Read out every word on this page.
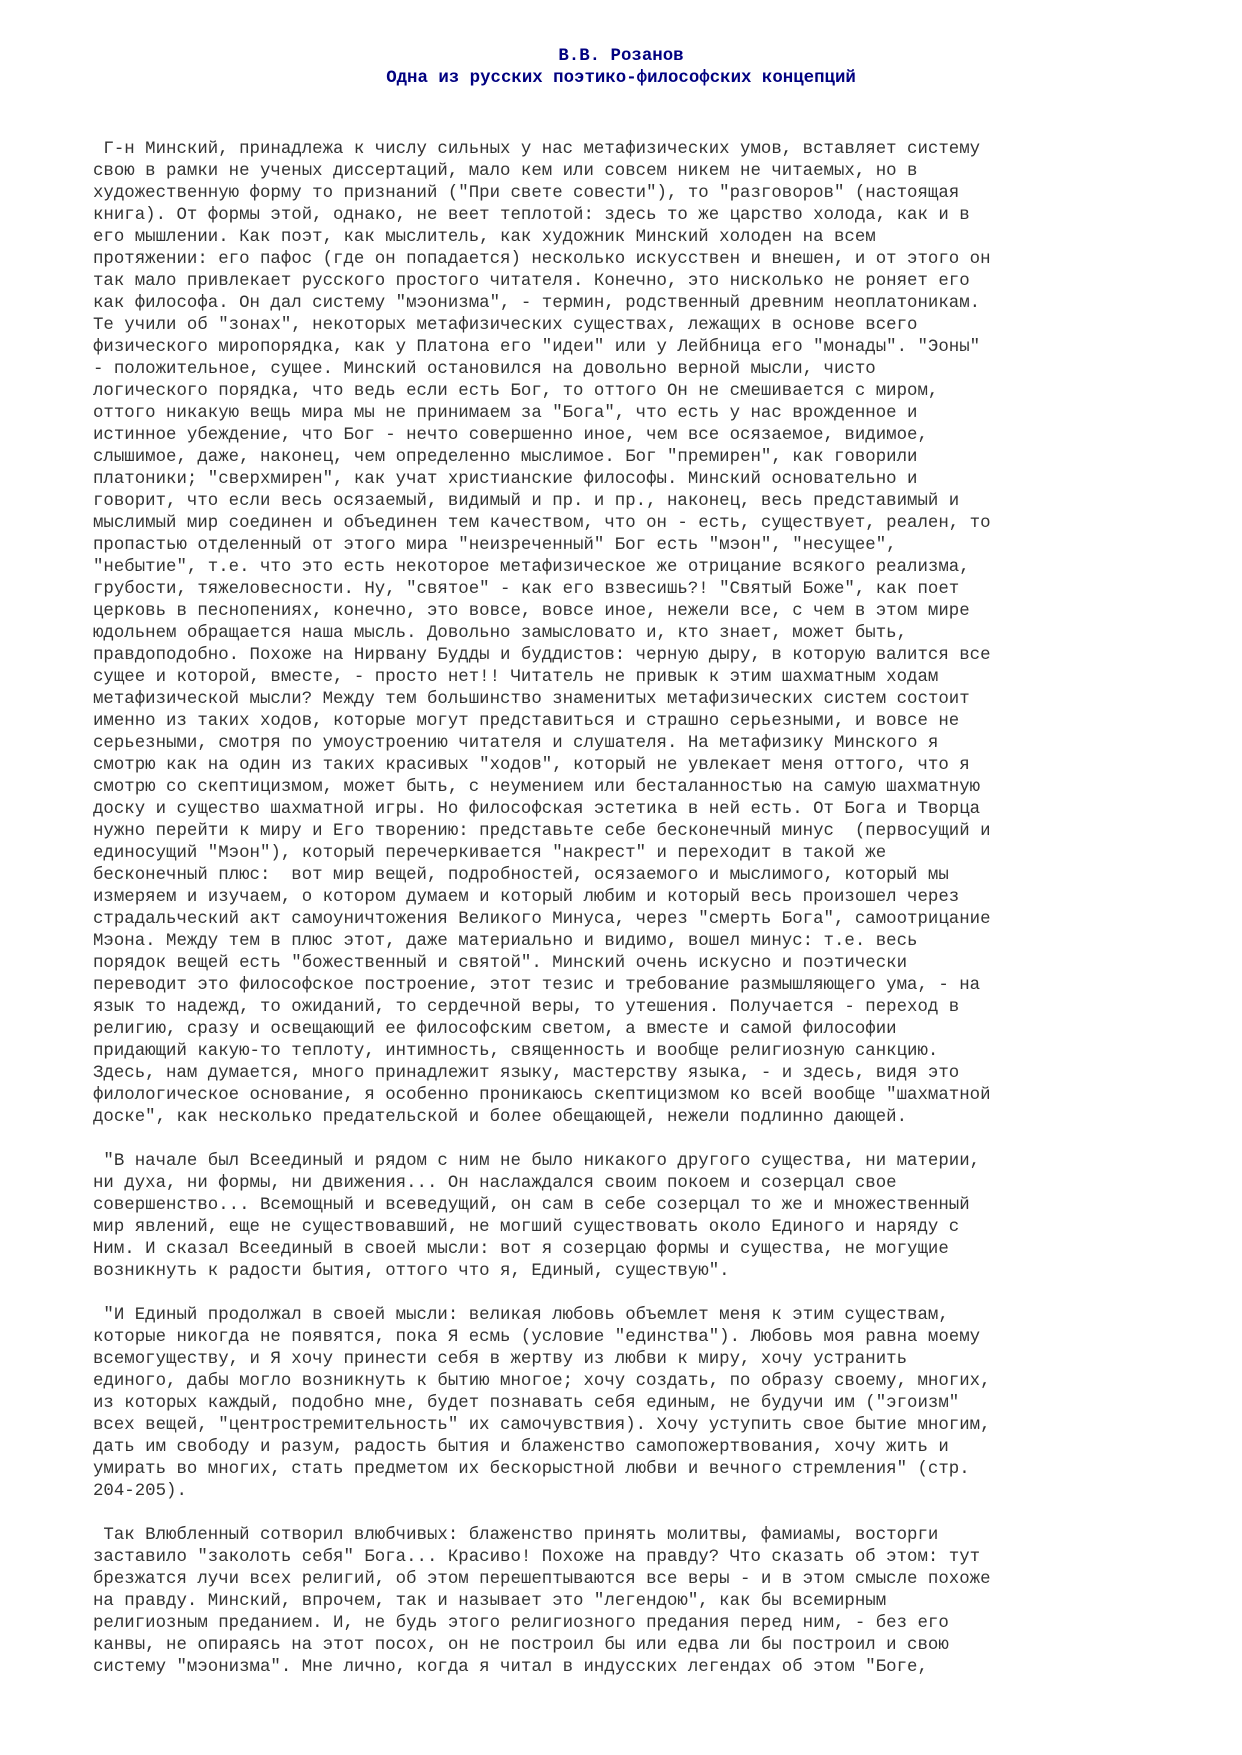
В.В. Розанов
Одна из русских поэтико-философских концепций
Г-н Минский, принадлежа к числу сильных у нас метафизических умов, вставляет систему
свою в рамки не ученых диссертаций, мало кем или совсем никем не читаемых, но в
художественную форму то признаний ("При свете совести"), то "разговоров" (настоящая
книга). От формы этой, однако, не веет теплотой: здесь то же царство холода, как и в
его мышлении. Как поэт, как мыслитель, как художник Минский холоден на всем
протяжении: его пафос (где он попадается) несколько искусствен и внешен, и от этого он
так мало привлекает русского простого читателя. Конечно, это нисколько не роняет его
как философа. Он дал систему "мэонизма", - термин, родственный древним неоплатоникам.
Те учили об "зонах", некоторых метафизических существах, лежащих в основе всего
физического миропорядка, как у Платона его "идеи" или у Лейбница его "монады". "Эоны"
- положительное, сущее. Минский остановился на довольно верной мысли, чисто
логического порядка, что ведь если есть Бог, то оттого Он не смешивается с миром,
оттого никакую вещь мира мы не принимаем за "Бога", что есть у нас врожденное и
истинное убеждение, что Бог - нечто совершенно иное, чем все осязаемое, видимое,
слышимое, даже, наконец, чем определенно мыслимое. Бог "премирен", как говорили
платоники; "сверхмирен", как учат христианские философы. Минский основательно и
говорит, что если весь осязаемый, видимый и пр. и пр., наконец, весь представимый и
мыслимый мир соединен и объединен тем качеством, что он - есть, существует, реален, то
пропастью отделенный от этого мира "неизреченный" Бог есть "мэон", "несущее",
"небытие", т.е. что это есть некоторое метафизическое же отрицание всякого реализма,
грубости, тяжеловесности. Ну, "святое" - как его взвесишь?! "Святый Боже", как поет
церковь в песнопениях, конечно, это вовсе, вовсе иное, нежели все, с чем в этом мире
юдольнем обращается наша мысль. Довольно замысловато и, кто знает, может быть,
правдоподобно. Похоже на Нирвану Будды и буддистов: черную дыру, в которую валится все
сущее и которой, вместе, - просто нет!! Читатель не привык к этим шахматным ходам
метафизической мысли? Между тем большинство знаменитых метафизических систем состоит
именно из таких ходов, которые могут представиться и страшно серьезными, и вовсе не
серьезными, смотря по умоустроению читателя и слушателя. На метафизику Минского я
смотрю как на один из таких красивых "ходов", который не увлекает меня оттого, что я
смотрю со скептицизмом, может быть, с неумением или бесталанностью на самую шахматную
доску и существо шахматной игры. Но философская эстетика в ней есть. От Бога и Творца
нужно перейти к миру и Его творению: представьте себе бесконечный минус  (первосущий и
единосущий "Мэон"), который перечеркивается "накрест" и переходит в такой же
бесконечный плюс:  вот мир вещей, подробностей, осязаемого и мыслимого, который мы
измеряем и изучаем, о котором думаем и который любим и который весь произошел через
страдальческий акт самоуничтожения Великого Минуса, через "смерть Бога", самоотрицание
Мэона. Между тем в плюс этот, даже материально и видимо, вошел минус: т.е. весь
порядок вещей есть "божественный и святой". Минский очень искусно и поэтически
переводит это философское построение, этот тезис и требование размышляющего ума, - на
язык то надежд, то ожиданий, то сердечной веры, то утешения. Получается - переход в
религию, сразу и освещающий ее философским светом, а вместе и самой философии
придающий какую-то теплоту, интимность, священность и вообще религиозную санкцию.
Здесь, нам думается, много принадлежит языку, мастерству языка, - и здесь, видя это
филологическое основание, я особенно проникаюсь скептицизмом ко всей вообще "шахматной
доске", как несколько предательской и более обещающей, нежели подлинно дающей.
"В начале был Всеединый и рядом с ним не было никакого другого существа, ни материи,
ни духа, ни формы, ни движения... Он наслаждался своим покоем и созерцал свое
совершенство... Всемощный и всеведущий, он сам в себе созерцал то же и множественный
мир явлений, еще не существовавший, не могший существовать около Единого и наряду с
Ним. И сказал Всеединый в своей мысли: вот я созерцаю формы и существа, не могущие
возникнуть к радости бытия, оттого что я, Единый, существую".
"И Единый продолжал в своей мысли: великая любовь объемлет меня к этим существам,
которые никогда не появятся, пока Я есмь (условие "единства"). Любовь моя равна моему
всемогуществу, и Я хочу принести себя в жертву из любви к миру, хочу устранить
единого, дабы могло возникнуть к бытию многое; хочу создать, по образу своему, многих,
из которых каждый, подобно мне, будет познавать себя единым, не будучи им ("эгоизм"
всех вещей, "центростремительность" их самочувствия). Хочу уступить свое бытие многим,
дать им свободу и разум, радость бытия и блаженство самопожертвования, хочу жить и
умирать во многих, стать предметом их бескорыстной любви и вечного стремления" (стр.
204-205).
Так Влюбленный сотворил влюбчивых: блаженство принять молитвы, фамиамы, восторги
заставило "заколоть себя" Бога... Красиво! Похоже на правду? Что сказать об этом: тут
брезжатся лучи всех религий, об этом перешептываются все веры - и в этом смысле похоже
на правду. Минский, впрочем, так и называет это "легендою", как бы всемирным
религиозным преданием. И, не будь этого религиозного предания перед ним, - без его
канвы, не опираясь на этот посох, он не построил бы или едва ли бы построил и свою
систему "мэонизма". Мне лично, когда я читал в индусских легендах об этом "Боге,
